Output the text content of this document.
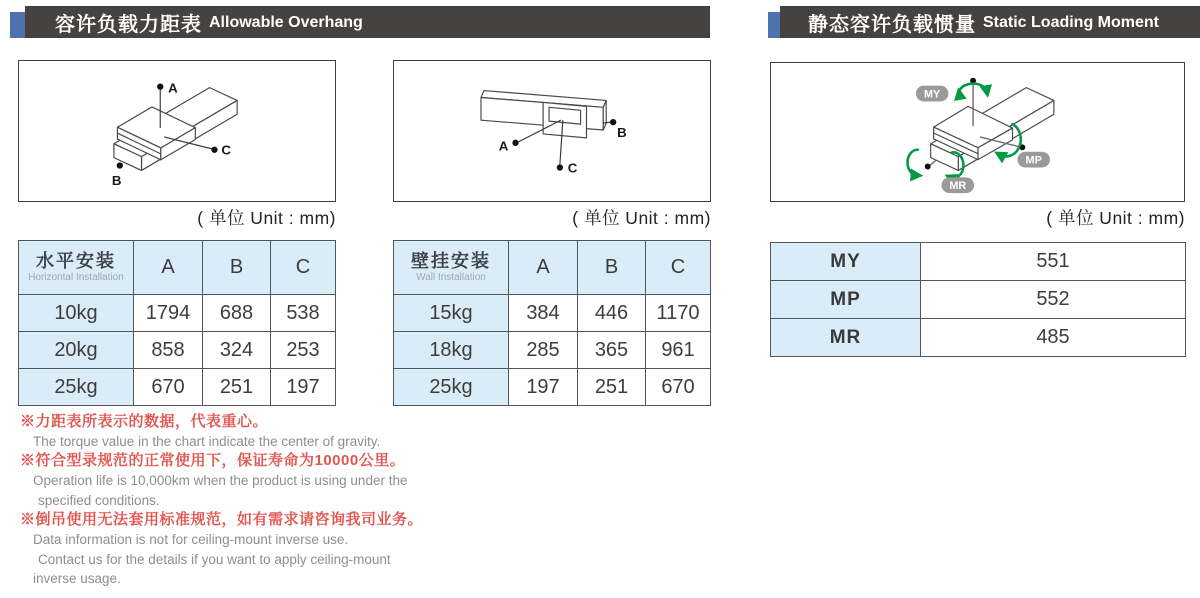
容许负载力距表 Allowable Overhang
A
C
B
A
C
B
( 单位 Unit : mm)	( 单位 Unit : mm)	( 单位 Unit : mm)
水平安装
Horizontal Installation	A	B	C
10kg	1794	688	538
20kg	858	324	253
25kg	670	251	197
壁挂安装
Wall Installation	A	B	C
15kg	384	446	1170
18kg	285	365	961
25kg	197	251	670
※力距表所表示的数据，代表重心。
The torque value in the chart indicate the center of gravity.
※符合型录规范的正常使用下，保证寿命为10000公里。
Operation life is 10,000km when the product is using under the
specified conditions.
※倒吊使用无法套用标准规范，如有需求请咨询我司业务。
Data information is not for ceiling-mount inverse use.
Contact us for the details if you want to apply ceiling-mount
inverse usage.
静态容许负载惯量 Static Loading Moment
MY
MP
MR
MY	551
MP	552
MR	485
